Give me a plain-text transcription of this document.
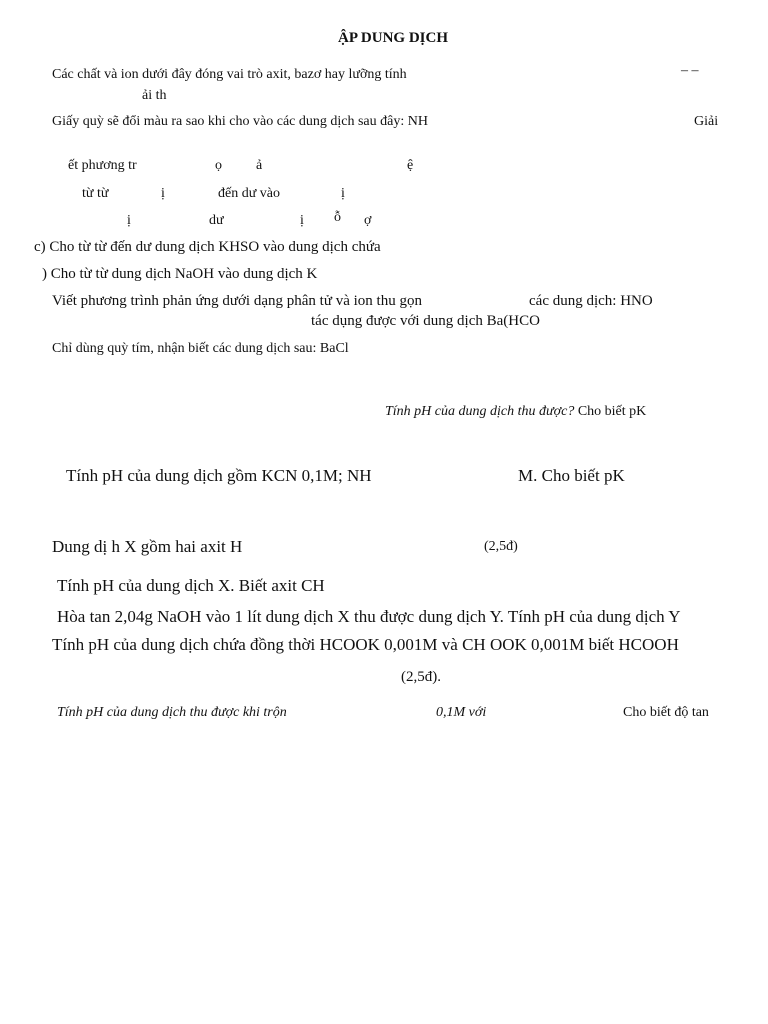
ẬP DUNG DỊCH
Các chất và ion dưới đây đóng vai trò axit, bazơ hay lưỡng tính	– –
ải th
Giấy quỳ sẽ đổi màu ra sao khi cho vào các dung dịch sau đây: NH	Giải
ết phương tr	ọ ả	ệ
từ từ	ị	đến dư vào	ị
ị	dư	ị ỗ ợ
c) Cho từ từ đến dư dung dịch KHSO vào dung dịch chứa
) Cho từ từ dung dịch NaOH vào dung dịch K
Viết phương trình phản ứng dưới dạng phân tử và ion thu gọn	các dung dịch: HNO
tác dụng được với dung dịch Ba(HCO
Chỉ dùng quỳ tím, nhận biết các dung dịch sau: BaCl
Tính pH của dung dịch thu được? Cho biết pK
Tính pH của dung dịch gồm KCN 0,1M; NH	M. Cho biết pK
Dung dị h X gồm hai axit H	(2,5đ)
Tính pH của dung dịch X. Biết axit CH
Hòa tan 2,04g NaOH vào 1 lít dung dịch X thu được dung dịch Y. Tính pH của dung dịch Y
Tính pH của dung dịch chứa đồng thời HCOOK 0,001M và CH OOK 0,001M biết HCOOH
(2,5đ).
Tính pH của dung dịch thu được khi trộn	0,1M với	Cho biết độ tan
